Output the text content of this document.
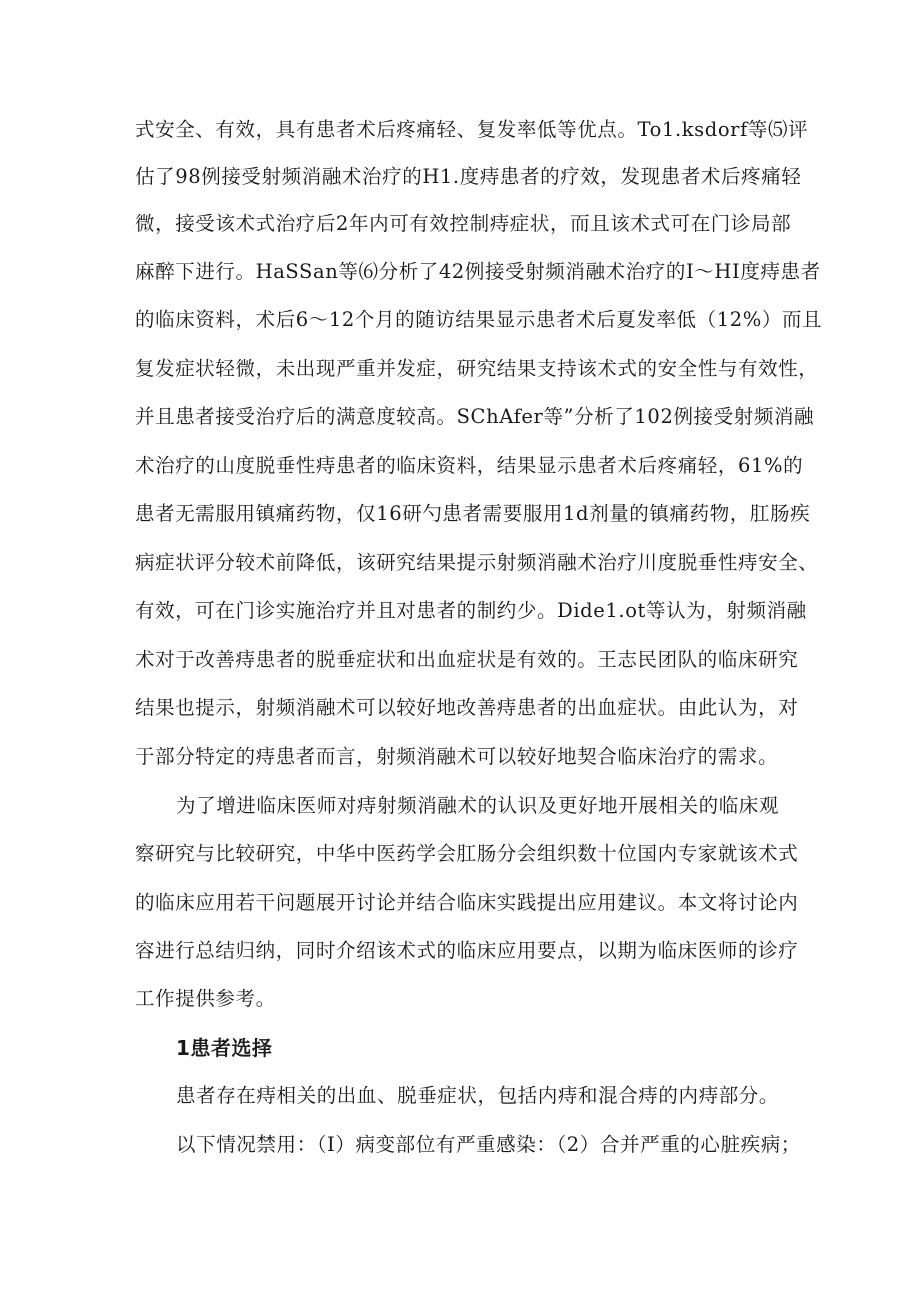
式安全、有效，具有患者术后疼痛轻、复发率低等优点。To1.ksdorf等⑸评
估了98例接受射频消融术治疗的H1.度痔患者的疗效，发现患者术后疼痛轻
微，接受该术式治疗后2年内可有效控制痔症状，而且该术式可在门诊局部
麻醉下进行。HaSSan等⑹分析了42例接受射频消融术治疗的I〜HI度痔患者
的临床资料，术后6〜12个月的随访结果显示患者术后夏发率低（12%）而且
复发症状轻微，未出现严重并发症，研究结果支持该术式的安全性与有效性，
并且患者接受治疗后的满意度较高。SChAfer等”分析了102例接受射频消融
术治疗的山度脱垂性痔患者的临床资料，结果显示患者术后疼痛轻，61%的
患者无需服用镇痛药物，仅16研勺患者需要服用1d剂量的镇痛药物，肛肠疾
病症状评分较术前降低，该研究结果提示射频消融术治疗川度脱垂性痔安全、
有效，可在门诊实施治疗并且对患者的制约少。Dide1.ot等认为，射频消融
术对于改善痔患者的脱垂症状和出血症状是有效的。王志民团队的临床研究
结果也提示，射频消融术可以较好地改善痔患者的出血症状。由此认为，对
于部分特定的痔患者而言，射频消融术可以较好地契合临床治疗的需求。
为了增进临床医师对痔射频消融术的认识及更好地开展相关的临床观
察研究与比较研究，中华中医药学会肛肠分会组织数十位国内专家就该术式
的临床应用若干问题展开讨论并结合临床实践提出应用建议。本文将讨论内
容进行总结归纳，同时介绍该术式的临床应用要点，以期为临床医师的诊疗
工作提供参考。
1患者选择
患者存在痔相关的出血、脱垂症状，包括内痔和混合痔的内痔部分。
以下情况禁用：（I）病变部位有严重感染：（2）合并严重的心脏疾病；
